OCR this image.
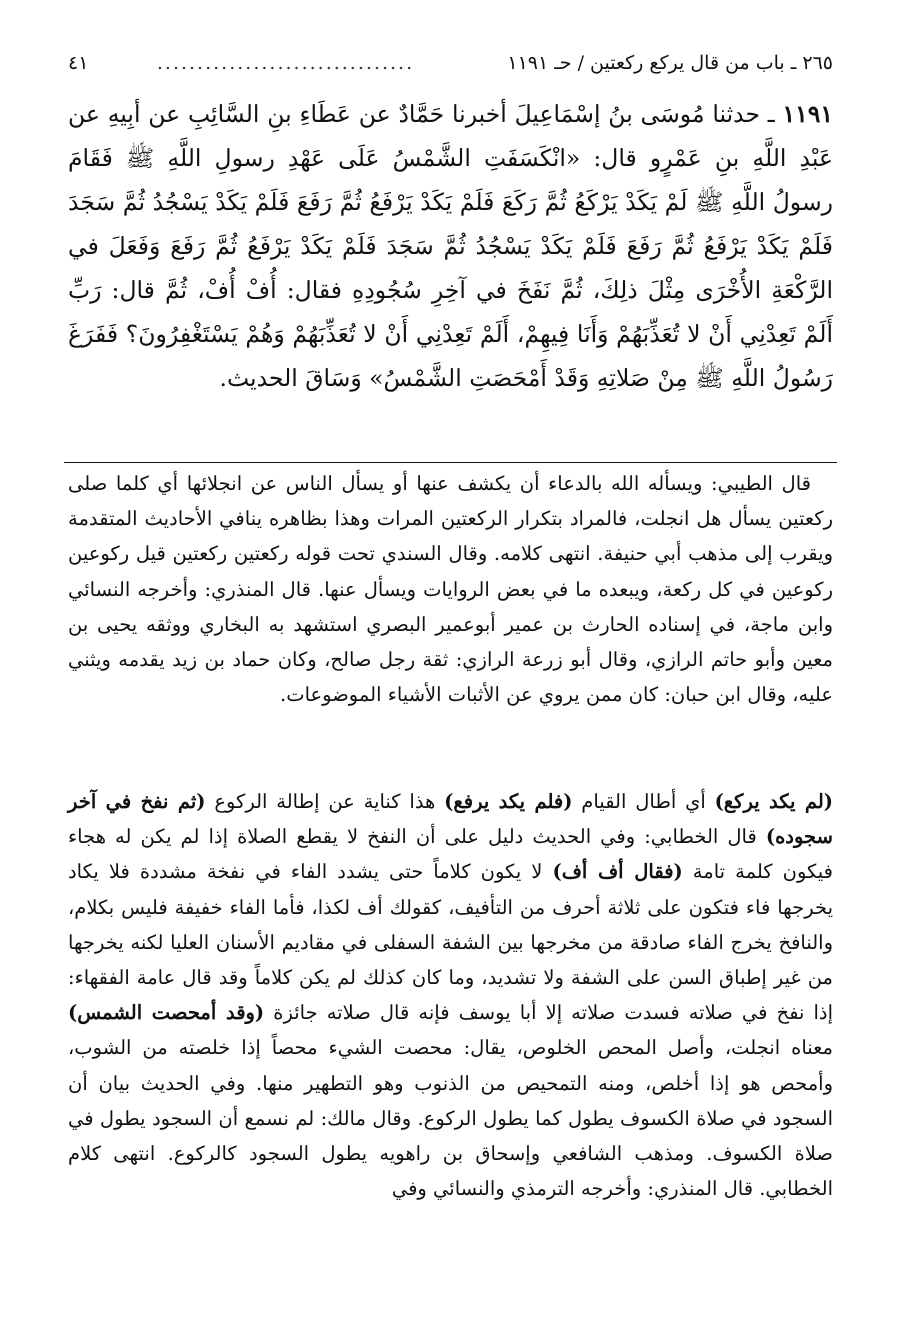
٢٦٥ ـ باب من قال يركع ركعتين / حـ ١١٩١
................................
٤١
١١٩١ ـ حدثنا مُوسَى بنُ إسْمَاعِيلَ أخبرنا حَمَّادٌ عن عَطَاءِ بنِ السَّائِبِ عن أبِيهِ عن عَبْدِ اللَّهِ بنِ عَمْرٍو قال: «انْكَسَفَتِ الشَّمْسُ عَلَى عَهْدِ رسولِ اللَّهِ ﷺ فَقَامَ رسولُ اللَّهِ ﷺ لَمْ يَكَدْ يَرْكَعُ ثُمَّ رَكَعَ فَلَمْ يَكَدْ يَرْفَعُ ثُمَّ رَفَعَ فَلَمْ يَكَدْ يَسْجُدُ ثُمَّ سَجَدَ فَلَمْ يَكَدْ يَرْفَعُ ثُمَّ رَفَعَ فَلَمْ يَكَدْ يَسْجُدُ ثُمَّ سَجَدَ فَلَمْ يَكَدْ يَرْفَعُ ثُمَّ رَفَعَ وَفَعَلَ في الرَّكْعَةِ الأُخْرَى مِثْلَ ذلِكَ، ثُمَّ نَفَخَ في آخِرِ سُجُودِهِ فقال: أُفْ أُفْ، ثُمَّ قال: رَبِّ أَلَمْ تَعِدْنِي أَنْ لا تُعَذِّبَهُمْ وَأَنَا فِيهِمْ، أَلَمْ تَعِدْنِي أَنْ لا تُعَذِّبَهُمْ وَهُمْ يَسْتَغْفِرُونَ؟ فَفَرَغَ رَسُولُ اللَّهِ ﷺ مِنْ صَلاتِهِ وَقَدْ أَمْحَصَتِ الشَّمْسُ» وَسَاقَ الحديث.

قال الطيبي: ويسأله الله بالدعاء أن يكشف عنها أو يسأل الناس عن انجلائها أي كلما صلى ركعتين يسأل هل انجلت، فالمراد بتكرار الركعتين المرات وهذا بظاهره ينافي الأحاديث المتقدمة ويقرب إلى مذهب أبي حنيفة. انتهى كلامه. وقال السندي تحت قوله ركعتين ركعتين قيل ركوعين ركوعين في كل ركعة، ويبعده ما في بعض الروايات ويسأل عنها. قال المنذري: وأخرجه النسائي وابن ماجة، في إسناده الحارث بن عمير أبوعمير البصري استشهد به البخاري ووثقه يحيى بن معين وأبو حاتم الرازي، وقال أبو زرعة الرازي: ثقة رجل صالح، وكان حماد بن زيد يقدمه ويثني عليه، وقال ابن حبان: كان ممن يروي عن الأثبات الأشياء الموضوعات.

(لم يكد يركع) أي أطال القيام (فلم يكد يرفع) هذا كناية عن إطالة الركوع (ثم نفخ في آخر سجوده) قال الخطابي: وفي الحديث دليل على أن النفخ لا يقطع الصلاة إذا لم يكن له هجاء فيكون كلمة تامة (فقال أف أف) لا يكون كلاماً حتى يشدد الفاء في نفخة مشددة فلا يكاد يخرجها فاء فتكون على ثلاثة أحرف من التأفيف، كقولك أف لكذا، فأما الفاء خفيفة فليس بكلام، والنافخ يخرج الفاء صادقة من مخرجها بين الشفة السفلى في مقاديم الأسنان العليا لكنه يخرجها من غير إطباق السن على الشفة ولا تشديد، وما كان كذلك لم يكن كلاماً وقد قال عامة الفقهاء: إذا نفخ في صلاته فسدت صلاته إلا أبا يوسف فإنه قال صلاته جائزة (وقد أمحصت الشمس) معناه انجلت، وأصل المحص الخلوص، يقال: محصت الشيء محصاً إذا خلصته من الشوب، وأمحص هو إذا أخلص، ومنه التمحيص من الذنوب وهو التطهير منها. وفي الحديث بيان أن السجود في صلاة الكسوف يطول كما يطول الركوع. وقال مالك: لم نسمع أن السجود يطول في صلاة الكسوف. ومذهب الشافعي وإسحاق بن راهويه يطول السجود كالركوع. انتهى كلام الخطابي. قال المنذري: وأخرجه الترمذي والنسائي وفي
